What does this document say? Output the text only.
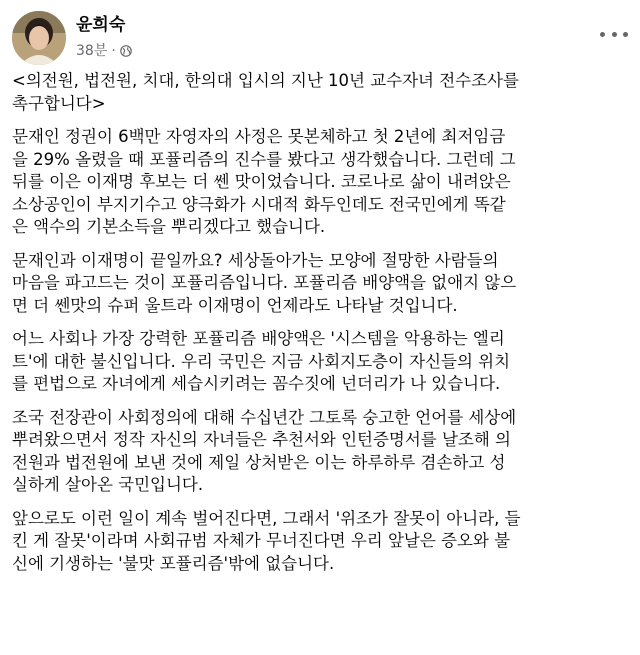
윤희숙
38분 ·

<의전원, 법전원, 치대, 한의대 입시의 지난 10년 교수자녀 전수조사를
촉구합니다>

문재인 정권이 6백만 자영자의 사정은 못본체하고 첫 2년에 최저임금
을 29% 올렸을 때 포퓰리즘의 진수를 봤다고 생각했습니다. 그런데 그
뒤를 이은 이재명 후보는 더 쎈 맛이었습니다. 코로나로 삶이 내려앉은
소상공인이 부지기수고 양극화가 시대적 화두인데도 전국민에게 똑같
은 액수의 기본소득을 뿌리겠다고 했습니다.

문재인과 이재명이 끝일까요? 세상돌아가는 모양에 절망한 사람들의
마음을 파고드는 것이 포퓰리즘입니다. 포퓰리즘 배양액을 없애지 않으
면 더 쎈맛의 슈퍼 울트라 이재명이 언제라도 나타날 것입니다.

어느 사회나 가장 강력한 포퓰리즘 배양액은 '시스템을 악용하는 엘리
트'에 대한 불신입니다. 우리 국민은 지금 사회지도층이 자신들의 위치
를 편법으로 자녀에게 세습시키려는 꼼수짓에 넌더리가 나 있습니다.

조국 전장관이 사회정의에 대해 수십년간 그토록 숭고한 언어를 세상에
뿌려왔으면서 정작 자신의 자녀들은 추천서와 인턴증명서를 날조해 의
전원과 법전원에 보낸 것에 제일 상처받은 이는 하루하루 겸손하고 성
실하게 살아온 국민입니다.

앞으로도 이런 일이 계속 벌어진다면, 그래서 '위조가 잘못이 아니라, 들
킨 게 잘못'이라며 사회규범 자체가 무너진다면 우리 앞날은 증오와 불
신에 기생하는 '불맛 포퓰리즘'밖에 없습니다.
